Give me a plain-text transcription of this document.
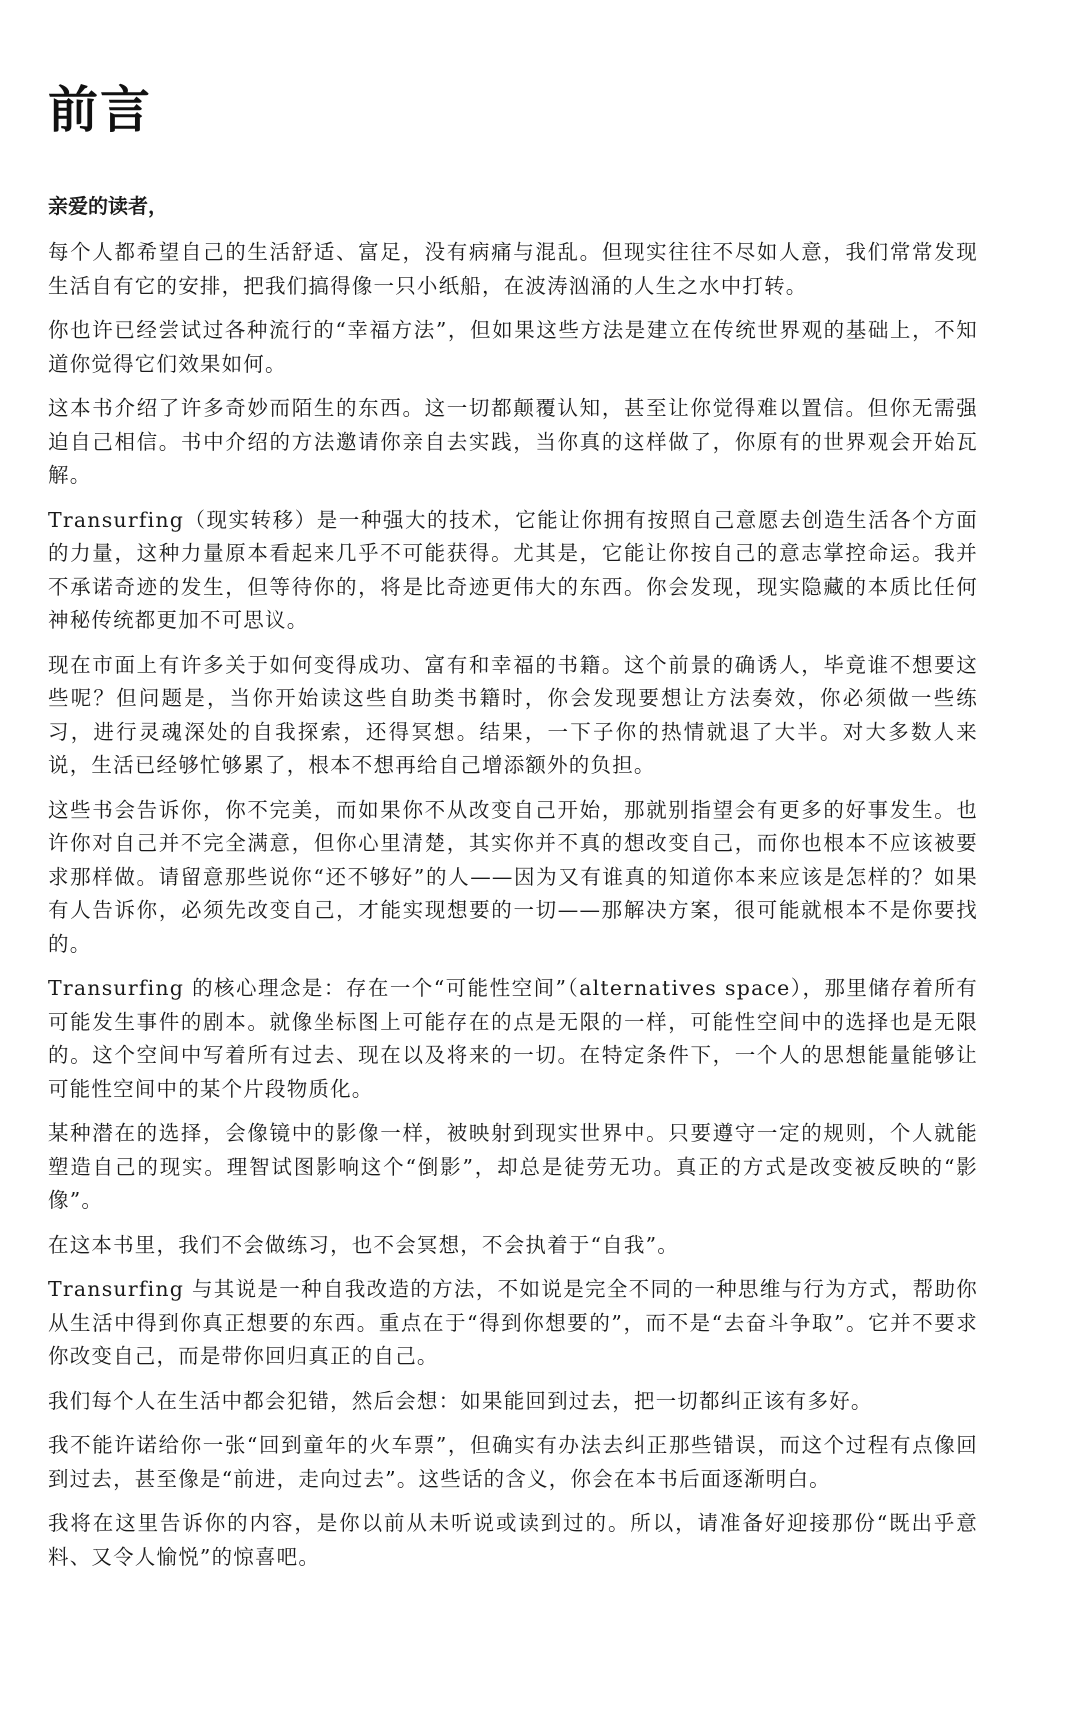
前言

亲爱的读者，

每个人都希望自己的生活舒适、富足，没有病痛与混乱。但现实往往不尽如人意，我们常常发现生活自有它的安排，把我们搞得像一只小纸船，在波涛汹涌的人生之水中打转。

你也许已经尝试过各种流行的“幸福方法”，但如果这些方法是建立在传统世界观的基础上，不知道你觉得它们效果如何。

这本书介绍了许多奇妙而陌生的东西。这一切都颠覆认知，甚至让你觉得难以置信。但你无需强迫自己相信。书中介绍的方法邀请你亲自去实践，当你真的这样做了，你原有的世界观会开始瓦解。

Transurfing（现实转移）是一种强大的技术，它能让你拥有按照自己意愿去创造生活各个方面的力量，这种力量原本看起来几乎不可能获得。尤其是，它能让你按自己的意志掌控命运。我并不承诺奇迹的发生，但等待你的，将是比奇迹更伟大的东西。你会发现，现实隐藏的本质比任何神秘传统都更加不可思议。

现在市面上有许多关于如何变得成功、富有和幸福的书籍。这个前景的确诱人，毕竟谁不想要这些呢？但问题是，当你开始读这些自助类书籍时，你会发现要想让方法奏效，你必须做一些练习，进行灵魂深处的自我探索，还得冥想。结果，一下子你的热情就退了大半。对大多数人来说，生活已经够忙够累了，根本不想再给自己增添额外的负担。

这些书会告诉你，你不完美，而如果你不从改变自己开始，那就别指望会有更多的好事发生。也许你对自己并不完全满意，但你心里清楚，其实你并不真的想改变自己，而你也根本不应该被要求那样做。请留意那些说你“还不够好”的人——因为又有谁真的知道你本来应该是怎样的？如果有人告诉你，必须先改变自己，才能实现想要的一切——那解决方案，很可能就根本不是你要找的。

Transurfing 的核心理念是：存在一个“可能性空间”（alternatives space），那里储存着所有可能发生事件的剧本。就像坐标图上可能存在的点是无限的一样，可能性空间中的选择也是无限的。这个空间中写着所有过去、现在以及将来的一切。在特定条件下，一个人的思想能量能够让可能性空间中的某个片段物质化。

某种潜在的选择，会像镜中的影像一样，被映射到现实世界中。只要遵守一定的规则，个人就能塑造自己的现实。理智试图影响这个“倒影”，却总是徒劳无功。真正的方式是改变被反映的“影像”。

在这本书里，我们不会做练习，也不会冥想，不会执着于“自我”。

Transurfing 与其说是一种自我改造的方法，不如说是完全不同的一种思维与行为方式，帮助你从生活中得到你真正想要的东西。重点在于“得到你想要的”，而不是“去奋斗争取”。它并不要求你改变自己，而是带你回归真正的自己。

我们每个人在生活中都会犯错，然后会想：如果能回到过去，把一切都纠正该有多好。

我不能许诺给你一张“回到童年的火车票”，但确实有办法去纠正那些错误，而这个过程有点像回到过去，甚至像是“前进，走向过去”。这些话的含义，你会在本书后面逐渐明白。

我将在这里告诉你的内容，是你以前从未听说或读到过的。所以，请准备好迎接那份“既出乎意料、又令人愉悦”的惊喜吧。
